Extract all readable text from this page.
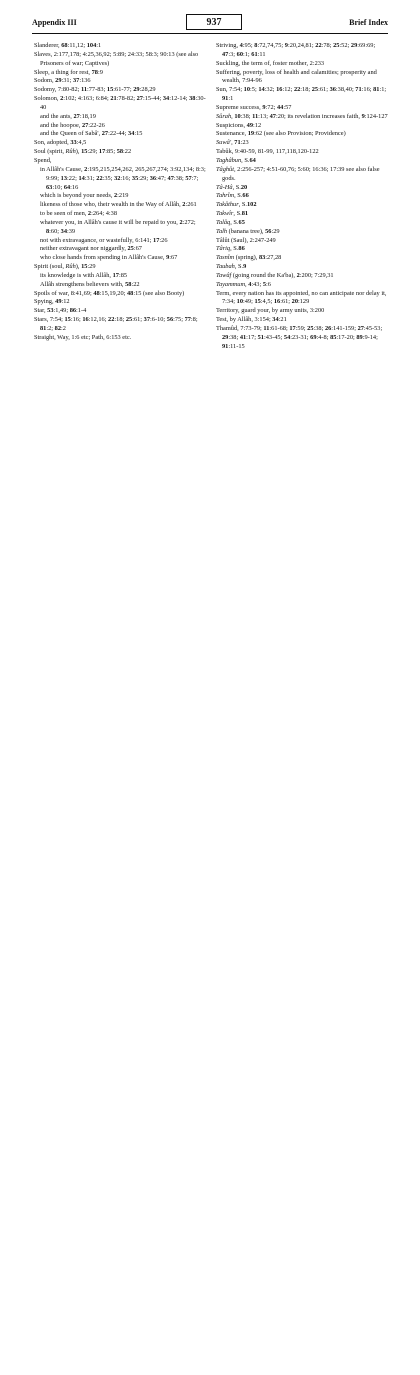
Appendix III	937	Brief Index

Slanderer, 68:11,12; 104:1

Slaves, 2:177,178; 4:25,36,92; 5:89; 24:33; 58:3; 90:13 (see also Prisoners of war; Captives)

Sleep, a thing for rest, 78:9

Sodom, 29:31; 37:136

Sodomy, 7:80-82; 11:77-83; 15:61-77; 29:28,29

Solomon, 2:102; 4:163; 6:84; 21:78-82; 27:15-44; 34:12-14; 38:30-40

and the ants, 27:18,19

and the hoopoe, 27:22-26

and the Queen of Sabâ', 27:22-44; 34:15

Son, adopted, 33:4,5

Soul (spirit, Rûh), 15:29; 17:85; 58:22

Spend,

in Allâh's Cause, 2:195,215,254,262, 265,267,274; 3:92,134; 8:3; 9:99; 13:22; 14:31; 22:35; 32:16; 35:29; 36:47; 47:38; 57:7; 63:10; 64:16

which is beyond your needs, 2:219

likeness of those who, their wealth in the Way of Allâh, 2:261

to be seen of men, 2:264; 4:38

whatever you, in Allâh's cause it will be repaid to you, 2:272; 8:60; 34:39

not with extravagance, or wastefully, 6:141; 17:26

neither extravagant nor niggardly, 25:67

who close hands from spending in Allâh's Cause, 9:67

Spirit (soul, Rûh), 15:29

its knowledge is with Allâh, 17:85

Allâh strengthens believers with, 58:22

Spoils of war, 8:41,69; 48:15,19,20; 48:15 (see also Booty)

Spying, 49:12

Star, 53:1,49; 86:1-4

Stars, 7:54; 15:16; 16:12,16; 22:18; 25:61; 37:6-10; 56:75; 77:8; 81:2; 82:2

Straight, Way, 1:6 etc; Path, 6:153 etc.

Striving, 4:95; 8:72,74,75; 9:20,24,81; 22:78; 25:52; 29:69:69; 47:3; 60:1; 61:11

Suckling, the term of, foster mother, 2:233

Suffering, poverty, loss of health and calamities; prosperity and wealth, 7:94-96

Sun, 7:54; 10:5; 14:32; 16:12; 22:18; 25:61; 36:38,40; 71:16; 81:1; 91:1

Supreme success, 9:72; 44:57

Sûrah, 10:38; 11:13; 47:20; its revelation increases faith, 9:124-127

Suspicions, 49:12

Sustenance, 19:62 (see also Provision; Providence)

Suwâ', 71:23

Tabûk, 9:40-59, 81-99, 117,118,120-122

Taghâbun, S.64

Tâghût, 2:256-257; 4:51-60,76; 5:60; 16:36; 17:39 see also false gods.

Tâ-Hâ, S.20

Tahrîm, S.66

Takâthur, S.102

Takwîr, S.81

Talâq, S.65

Talh (banana tree), 56:29

Tâlût (Saul), 2:247-249

Târiq, S.86

Tasnîm (spring), 83:27,28

Taubah, S.9

Tawâf (going round the Ka'ba), 2:200; 7:29,31

Tayammum, 4:43; 5:6

Term, every nation has its appointed, no can anticipate nor delay it, 7:34; 10:49; 15:4,5; 16:61; 20:129

Territory, guard your, by army units, 3:200

Test, by Allâh, 3:154; 34:21

Thamûd, 7:73-79; 11:61-68; 17:59; 25:38; 26:141-159; 27:45-53; 29:38; 41:17; 51:43-45; 54:23-31; 69:4-8; 85:17-20; 89:9-14; 91:11-15
